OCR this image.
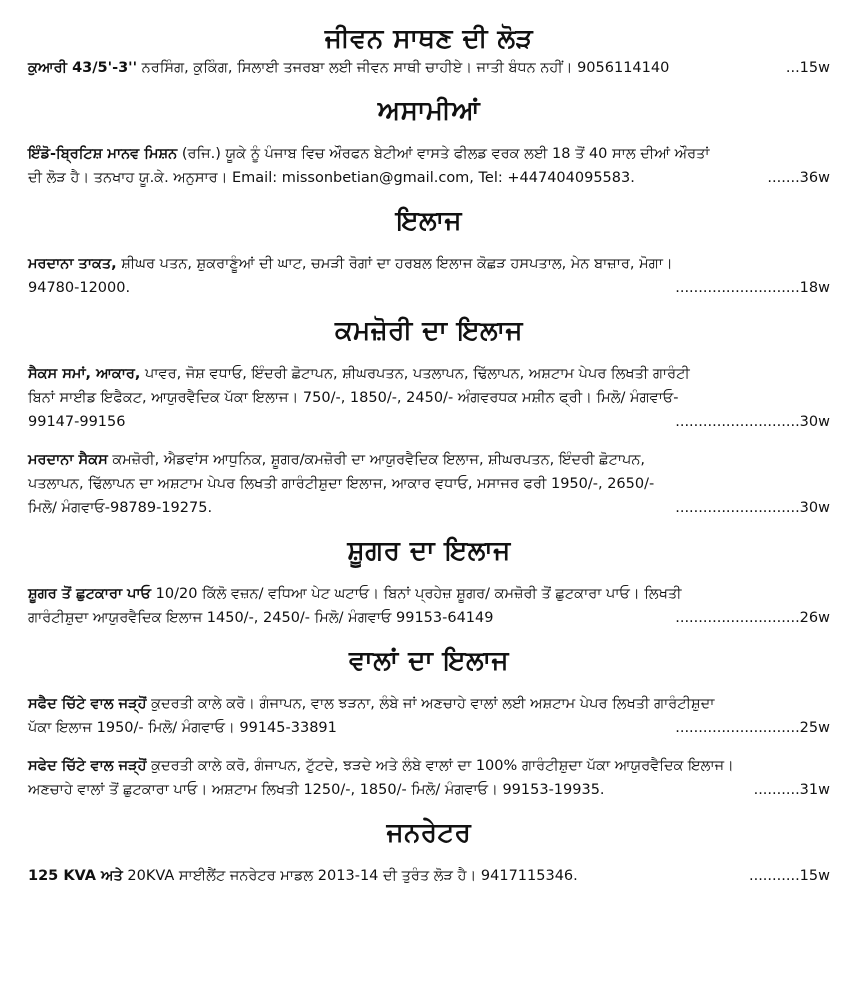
ਜੀਵਨ ਸਾਥਣ ਦੀ ਲੋੜ
ਕੁਆਰੀ 43/5'-3'' ਨਰਸਿੰਗ, ਕੁਕਿੰਗ, ਸਿਲਾਈ ਤਜਰਬਾ ਲਈ ਜੀਵਨ ਸਾਥੀ ਚਾਹੀਏ। ਜਾਤੀ ਬੰਧਨ ਨਹੀਂ। 9056114140	...15w
ਅਸਾਮੀਆਂ
ਇੰਡੋ-ਬ੍ਰਿਟਿਸ਼ ਮਾਨਵ ਮਿਸ਼ਨ (ਰਜਿ.) ਯੂਕੇ ਨੂੰ ਪੰਜਾਬ ਵਿਚ ਔਰਫਨ ਬੇਟੀਆਂ ਵਾਸਤੇ ਫੀਲਡ ਵਰਕ ਲਈ 18 ਤੋਂ 40 ਸਾਲ ਦੀਆਂ ਔਰਤਾਂ
ਦੀ ਲੋੜ ਹੈ। ਤਨਖਾਹ ਯੂ.ਕੇ. ਅਨੁਸਾਰ। Email: missonbetian@gmail.com, Tel: +447404095583.	.......36w
ਇਲਾਜ
ਮਰਦਾਨਾ ਤਾਕਤ, ਸ਼ੀਘਰ ਪਤਨ, ਸ਼ੁਕਰਾਣੂੰਆਂ ਦੀ ਘਾਟ, ਚਮੜੀ ਰੋਗਾਂ ਦਾ ਹਰਬਲ ਇਲਾਜ ਕੋਛੜ ਹਸਪਤਾਲ, ਮੇਨ ਬਾਜ਼ਾਰ, ਮੋਗਾ।
94780-12000.	...........................18w
ਕਮਜ਼ੋਰੀ ਦਾ ਇਲਾਜ
ਸੈਕਸ ਸਮਾਂ, ਆਕਾਰ, ਪਾਵਰ, ਜੋਸ਼ ਵਧਾਓ, ਇੰਦਰੀ ਛੋਟਾਪਨ, ਸ਼ੀਘਰਪਤਨ, ਪਤਲਾਪਨ, ਢਿੱਲਾਪਨ, ਅਸ਼ਟਾਮ ਪੇਪਰ ਲਿਖਤੀ ਗਾਰੰਟੀ
ਬਿਨਾਂ ਸਾਈਡ ਇਫੈਕਟ, ਆਯੁਰਵੈਦਿਕ ਪੱਕਾ ਇਲਾਜ। 750/-, 1850/-, 2450/- ਅੰਗਵਰਧਕ ਮਸ਼ੀਨ ਫ੍ਰੀ। ਮਿਲੋ/ ਮੰਗਵਾਓ-
99147-99156	...........................30w
ਮਰਦਾਨਾ ਸੈਕਸ ਕਮਜ਼ੋਰੀ, ਐਡਵਾਂਸ ਆਧੁਨਿਕ, ਸ਼ੂਗਰ/ਕਮਜ਼ੋਰੀ ਦਾ ਆਯੁਰਵੈਦਿਕ ਇਲਾਜ, ਸ਼ੀਘਰਪਤਨ, ਇੰਦਰੀ ਛੋਟਾਪਨ,
ਪਤਲਾਪਨ, ਢਿੱਲਾਪਨ ਦਾ ਅਸ਼ਟਾਮ ਪੇਪਰ ਲਿਖਤੀ ਗਾਰੰਟੀਸ਼ੁਦਾ ਇਲਾਜ, ਆਕਾਰ ਵਧਾਓ, ਮਸਾਜਰ ਫਰੀ 1950/-, 2650/-
ਮਿਲੋ/ ਮੰਗਵਾਓ-98789-19275.	...........................30w
ਸ਼ੂਗਰ ਦਾ ਇਲਾਜ
ਸ਼ੂਗਰ ਤੋਂ ਛੁਟਕਾਰਾ ਪਾਓ 10/20 ਕਿੱਲੋ ਵਜ਼ਨ/ ਵਧਿਆ ਪੇਟ ਘਟਾਓ। ਬਿਨਾਂ ਪ੍ਰਹੇਜ਼ ਸ਼ੂਗਰ/ ਕਮਜ਼ੋਰੀ ਤੋਂ ਛੁਟਕਾਰਾ ਪਾਓ। ਲਿਖਤੀ
ਗਾਰੰਟੀਸ਼ੁਦਾ ਆਯੁਰਵੈਦਿਕ ਇਲਾਜ 1450/-, 2450/- ਮਿਲੋ/ ਮੰਗਵਾਓ 99153-64149	...........................26w
ਵਾਲਾਂ ਦਾ ਇਲਾਜ
ਸਫੈਦ ਚਿੱਟੇ ਵਾਲ ਜੜ੍ਹੋਂ ਕੁਦਰਤੀ ਕਾਲੇ ਕਰੋ। ਗੰਜਾਪਨ, ਵਾਲ ਝੜਨਾ, ਲੰਬੇ ਜਾਂ ਅਣਚਾਹੇ ਵਾਲਾਂ ਲਈ ਅਸ਼ਟਾਮ ਪੇਪਰ ਲਿਖਤੀ ਗਾਰੰਟੀਸ਼ੁਦਾ
ਪੱਕਾ ਇਲਾਜ 1950/- ਮਿਲੋ/ ਮੰਗਵਾਓ। 99145-33891	...........................25w
ਸਫੇਦ ਚਿੱਟੇ ਵਾਲ ਜੜ੍ਹੋਂ ਕੁਦਰਤੀ ਕਾਲੇ ਕਰੋ, ਗੰਜਾਪਨ, ਟੁੱਟਦੇ, ਝੜਦੇ ਅਤੇ ਲੰਬੇ ਵਾਲਾਂ ਦਾ 100% ਗਾਰੰਟੀਸ਼ੁਦਾ ਪੱਕਾ ਆਯੁਰਵੈਦਿਕ ਇਲਾਜ।
ਅਣਚਾਹੇ ਵਾਲਾਂ ਤੋਂ ਛੁਟਕਾਰਾ ਪਾਓ। ਅਸ਼ਟਾਮ ਲਿਖਤੀ 1250/-, 1850/- ਮਿਲੋ/ ਮੰਗਵਾਓ। 99153-19935.	..........31w
ਜਨਰੇਟਰ
125 KVA ਅਤੇ 20KVA ਸਾਈਲੈਂਟ ਜਨਰੇਟਰ ਮਾਡਲ 2013-14 ਦੀ ਤੁਰੰਤ ਲੋੜ ਹੈ। 9417115346.	...........15w
